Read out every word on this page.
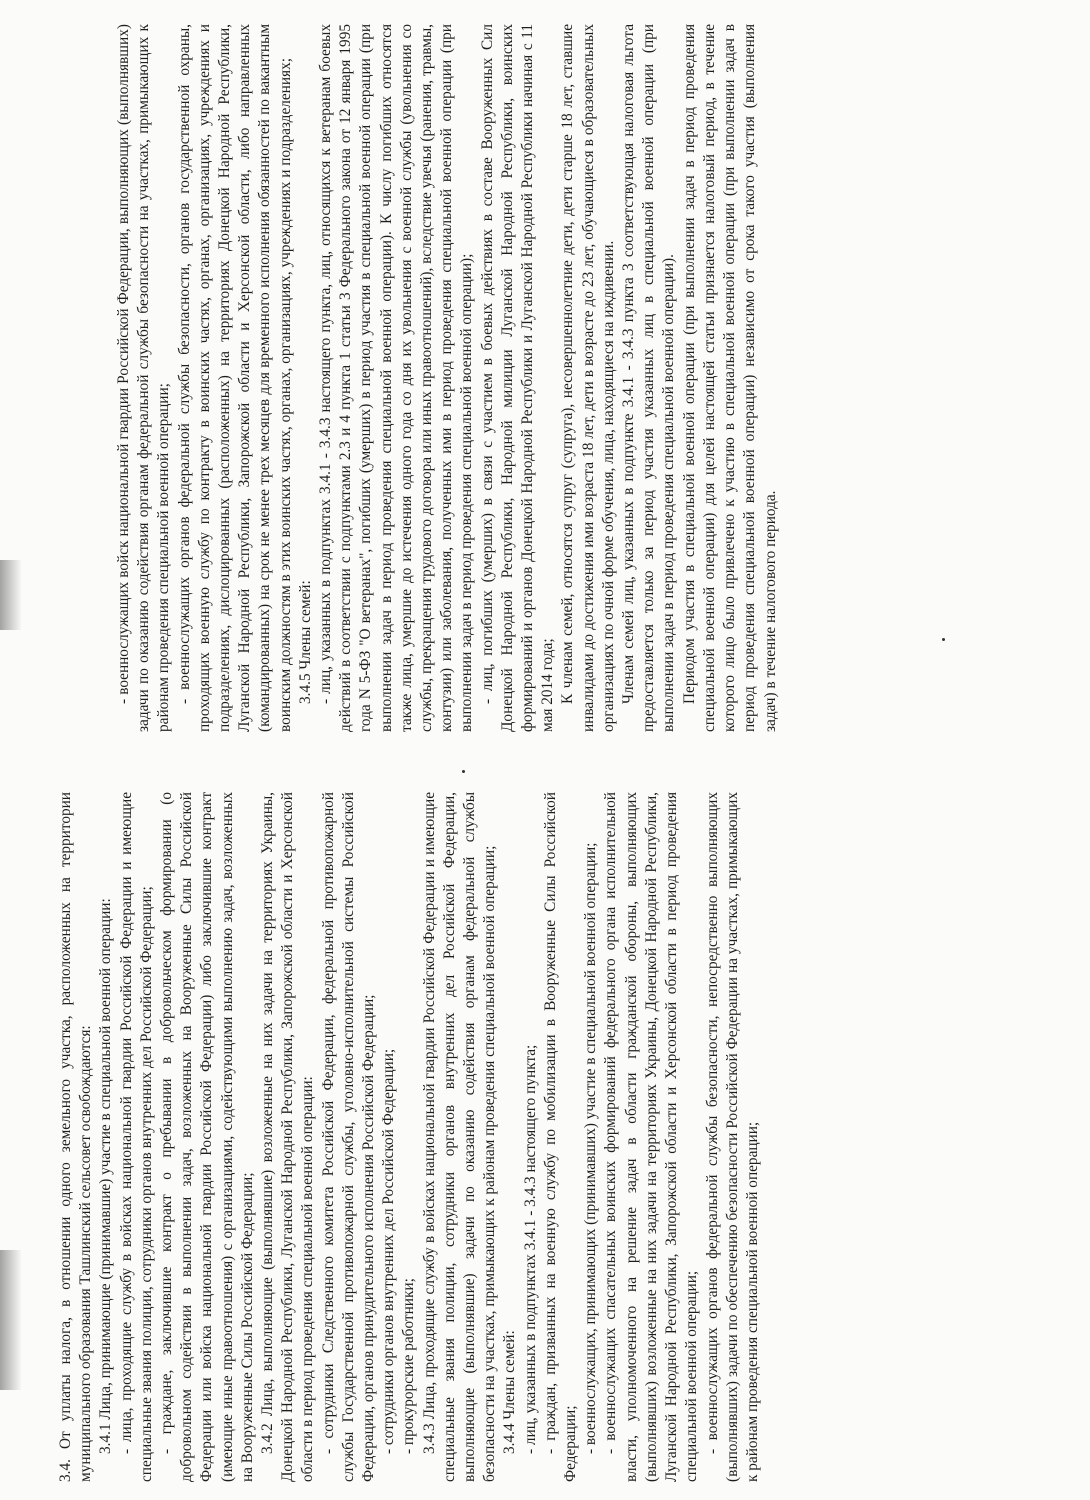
3.4. От уплаты налога, в отношении одного земельного участка, расположенных на территории муниципального образования Ташлинский сельсовет освобождаются: 3.4.1 Лица, принимающие (принимавшие) участие в специальной военной операции: - лица, проходящие службу в войсках национальной гвардии Российской Федерации и имеющие специальные звания полиции, сотрудники органов внутренних дел Российской Федерации; - граждане, заключившие контракт о пребывании в добровольческом формировании (о добровольном содействии в выполнении задач, возложенных на Вооруженные Силы Российской Федерации или войска национальной гвардии Российской Федерации) либо заключившие контракт (имеющие иные правоотношения) с организациями, содействующими выполнению задач, возложенных на Вооруженные Силы Российской Федерации; 3.4.2 Лица, выполняющие (выполнявшие) возложенные на них задачи на территориях Украины, Донецкой Народной Республики, Луганской Народной Республики, Запорожской области и Херсонской области в период проведения специальной военной операции: - сотрудники Следственного комитета Российской Федерации, федеральной противопожарной службы Государственной противопожарной службы, уголовно-исполнительной системы Российской Федерации, органов принудительного исполнения Российской Федерации; - сотрудники органов внутренних дел Российской Федерации; - прокурорские работники; 3.4.3 Лица, проходящие службу в войсках национальной гвардии Российской Федерации и имеющие специальные звания полиции, сотрудники органов внутренних дел Российской Федерации, выполняющие (выполнявшие) задачи по оказанию содействия органам федеральной службы безопасности на участках, примыкающих к районам проведения специальной военной операции; 3.4.4 Члены семей: - лиц, указанных в подпунктах 3.4.1 - 3.4.3 настоящего пункта; - граждан, призванных на военную службу по мобилизации в Вооруженные Силы Российской Федерации; - военнослужащих, принимающих (принимавших) участие в специальной военной операции; - военнослужащих спасательных воинских формирований федерального органа исполнительной власти, уполномоченного на решение задач в области гражданской обороны, выполняющих (выполнявших) возложенные на них задачи на территориях Украины, Донецкой Народной Республики, Луганской Народной Республики, Запорожской области и Херсонской области в период проведения специальной военной операции; - военнослужащих органов федеральной службы безопасности, непосредственно выполняющих (выполнявших) задачи по обеспечению безопасности Российской Федерации на участках, примыкающих к районам проведения специальной военной операции;

- военнослужащих войск национальной гвардии Российской Федерации, выполняющих (выполнявших) задачи по оказанию содействия органам федеральной службы безопасности на участках, примыкающих к районам проведения специальной военной операции; - военнослужащих органов федеральной службы безопасности, органов государственной охраны, проходящих военную службу по контракту в воинских частях, органах, организациях, учреждениях и подразделениях, дислоцированных (расположенных) на территориях Донецкой Народной Республики, Луганской Народной Республики, Запорожской области и Херсонской области, либо направленных (командированных) на срок не менее трех месяцев для временного исполнения обязанностей по вакантным воинским должностям в этих воинских частях, органах, организациях, учреждениях и подразделениях; 3.4.5 Члены семей: - лиц, указанных в подпунктах 3.4.1 - 3.4.3 настоящего пункта, лиц, относящихся к ветеранам боевых действий в соответствии с подпунктами 2.3 и 4 пункта 1 статьи 3 Федерального закона от 12 января 1995 года N 5-ФЗ "О ветеранах", погибших (умерших) в период участия в специальной военной операции (при выполнении задач в период проведения специальной военной операции). К числу погибших относятся также лица, умершие до истечения одного года со дня их увольнения с военной службы (увольнения со службы, прекращения трудового договора или иных правоотношений), вследствие увечья (ранения, травмы, контузии) или заболевания, полученных ими в период проведения специальной военной операции (при выполнении задач в период проведения специальной военной операции); - лиц, погибших (умерших) в связи с участием в боевых действиях в составе Вооруженных Сил Донецкой Народной Республики, Народной милиции Луганской Народной Республики, воинских формирований и органов Донецкой Народной Республики и Луганской Народной Республики начиная с 11 мая 2014 года; К членам семей, относятся супруг (супруга), несовершеннолетние дети, дети старше 18 лет, ставшие инвалидами до достижения ими возраста 18 лет, дети в возрасте до 23 лет, обучающиеся в образовательных организациях по очной форме обучения, лица, находящиеся на иждивении. Членам семей лиц, указанных в подпункте 3.4.1 - 3.4.3 пункта 3 соответствующая налоговая льгота предоставляется только за период участия указанных лиц в специальной военной операции (при выполнении задач в период проведения специальной военной операции). Периодом участия в специальной военной операции (при выполнении задач в период проведения специальной военной операции) для целей настоящей статьи признается налоговый период, в течение которого лицо было привлечено к участию в специальной военной операции (при выполнении задач в период проведения специальной военной операции) независимо от срока такого участия (выполнения задач) в течение налогового периода.
